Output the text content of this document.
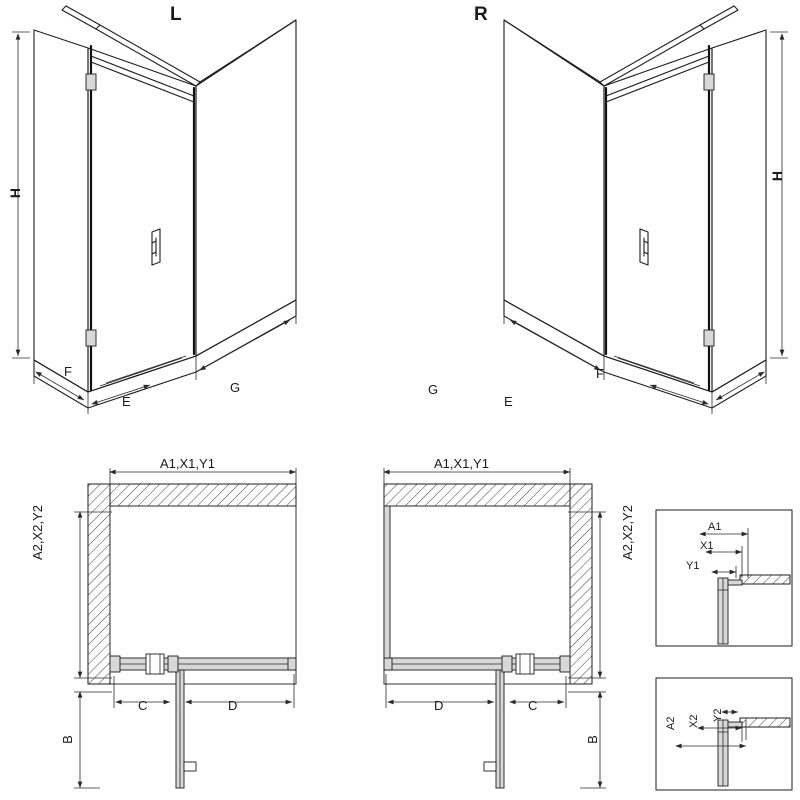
L
H
F
E
G
R
H
G
E
F
A1,X1,Y1
A2,X2,Y2
C	D
B
A1,X1,Y1
A2,X2,Y2
D	C
B
A1
X1
Y1
A2 X2 Y2
